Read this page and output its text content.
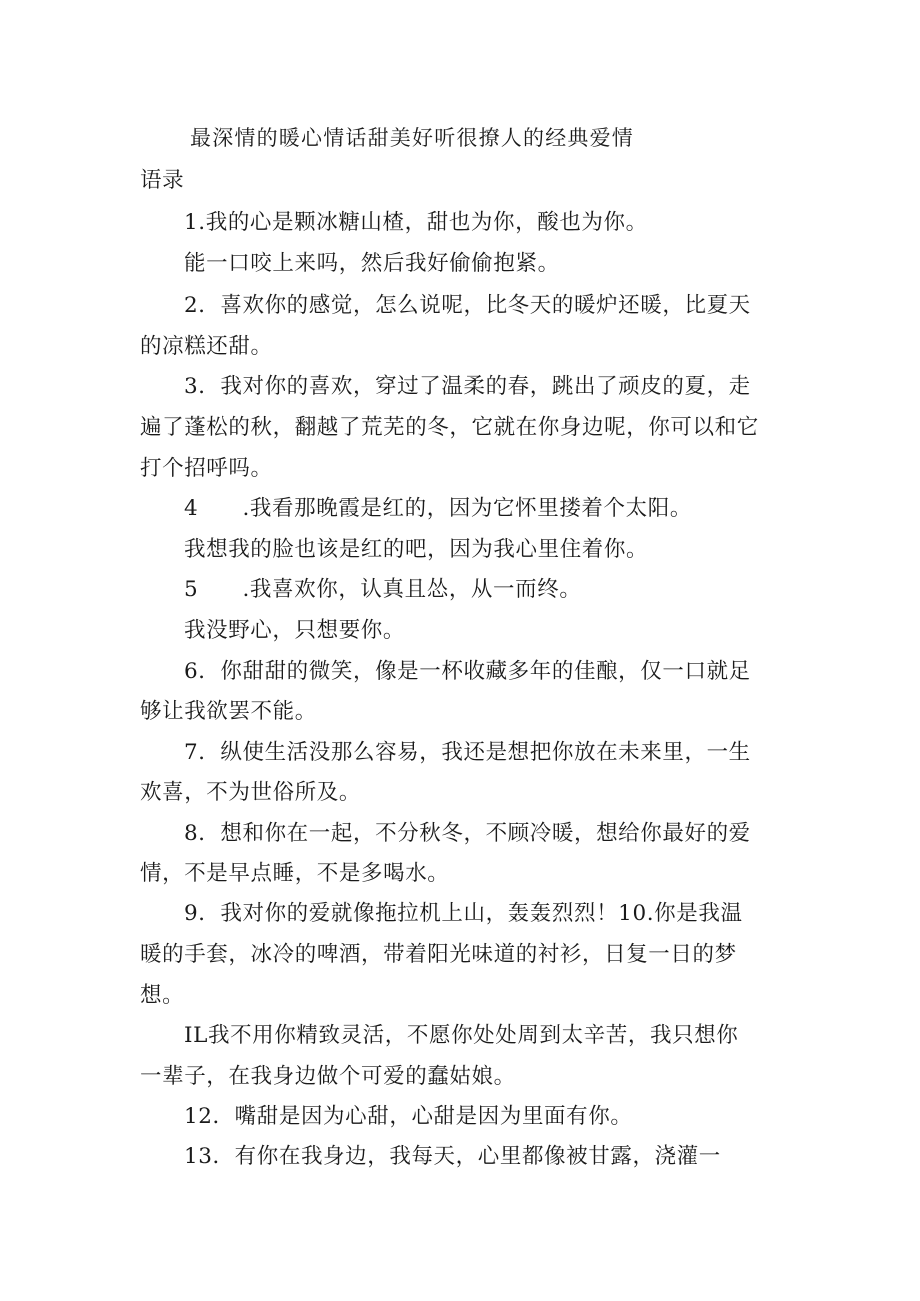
最深情的暖心情话甜美好听很撩人的经典爱情
语录
1.我的心是颗冰糖山楂，甜也为你，酸也为你。
能一口咬上来吗，然后我好偷偷抱紧。
2．喜欢你的感觉，怎么说呢，比冬天的暖炉还暖，比夏天
的凉糕还甜。
3．我对你的喜欢，穿过了温柔的春，跳出了顽皮的夏，走
遍了蓬松的秋，翻越了荒芜的冬，它就在你身边呢，你可以和它
打个招呼吗。
4　　.我看那晚霞是红的，因为它怀里搂着个太阳。
我想我的脸也该是红的吧，因为我心里住着你。
5　　.我喜欢你，认真且怂，从一而终。
我没野心，只想要你。
6．你甜甜的微笑，像是一杯收藏多年的佳酿，仅一口就足
够让我欲罢不能。
7．纵使生活没那么容易，我还是想把你放在未来里，一生
欢喜，不为世俗所及。
8．想和你在一起，不分秋冬，不顾冷暖，想给你最好的爱
情，不是早点睡，不是多喝水。
9．我对你的爱就像拖拉机上山，轰轰烈烈！10.你是我温
暖的手套，冰冷的啤酒，带着阳光味道的衬衫，日复一日的梦
想。
IL我不用你精致灵活，不愿你处处周到太辛苦，我只想你
一辈子，在我身边做个可爱的蠢姑娘。
12．嘴甜是因为心甜，心甜是因为里面有你。
13．有你在我身边，我每天，心里都像被甘露，浇灌一
